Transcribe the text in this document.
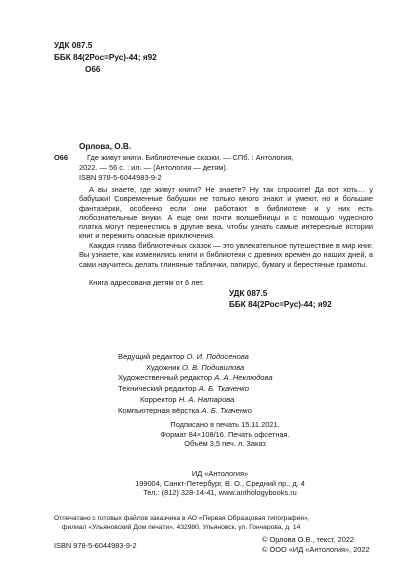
УДК 087.5
ББК 84(2Рос=Рус)-44; я92
О66
Орлова, О.В.
О66	Где живут книги. Библиотечные сказки. — СПб. : Антология,
2022. — 56 с. : ил. — (Антология — детям).
ISBN 978-5-6044983-9-2
А вы знаете, где живут книги? Не знаете? Ну так спросите! Да вот хоть… у бабушки! Современные бабушки не только много знают и умеют, но и большие фантазёрки, особенно если они работают в библиотеке и у них есть любознательные внуки. А еще они почти волшебницы и с помощью чудесного платка могут перенестись в другие века, чтобы узнать самые интересные истории книг и пережить опасные приключения.
Каждая глава библиотечных сказок — это увлекательное путешествие в мир книг. Вы узнаете, как изменились книги и библиотеки с древних времён до наших дней, а сами научитесь делать глиняные таблички, папирус, бумагу и берестяные грамоты.
Книга адресована детям от 6 лет.
УДК 087.5
ББК 84(2Рос=Рус)-44; я92
Ведущий редактор О. И. Подосенова
Художник О. В. Подивилова
Художественный редактор А. А. Неклюдова
Технический редактор А. Б. Ткаченко
Корректор Н. А. Натарова
Компьютерная вёрстка А. Б. Ткаченко
Подписано в печать 15.11.2021.
Формат 84×108/16. Печать офсетная.
Объём 3,5 печ. л. Заказ
ИД «Антология»
199004, Санкт-Петербург, В. О., Средний пр., д. 4
Тел.: (812) 328-14-41, www.anthologybooks.ru
Отпечатано с готовых файлов заказчика в АО «Первая Образцовая типография»,
филиал «Ульяновский Дом печати», 432980, Ульяновск, ул. Гончарова, д. 14
ISBN 978-5-6044983-9-2
© Орлова О.В., текст, 2022
© ООО «ИД «Антология», 2022
